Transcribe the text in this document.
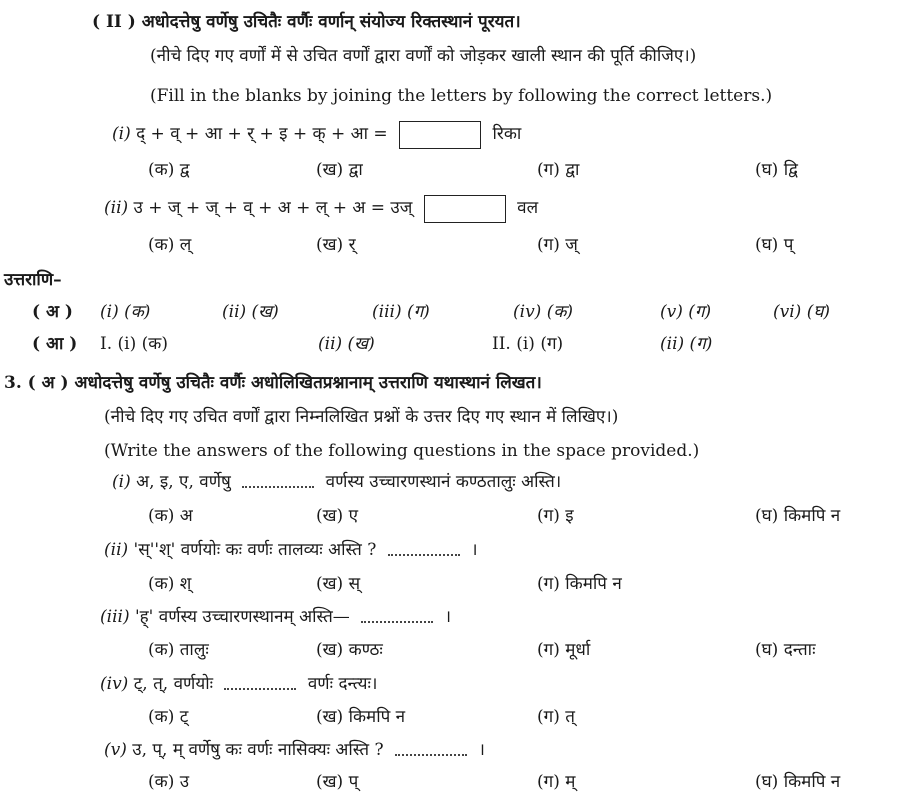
( II ) अधोदत्तेषु वर्णेषु उचितैः वर्णैः वर्णान् संयोज्य रिक्तस्थानं पूरयत।
(नीचे दिए गए वर्णों में से उचित वर्णों द्वारा वर्णों को जोड़कर खाली स्थान की पूर्ति कीजिए।)
(Fill in the blanks by joining the letters by following the correct letters.)
(i) द् + व् + आ + र् + इ + क् + आ =	रिका
(क) द्व	(ख) द्वा	(ग) द्वा	(घ) द्वि
(ii) उ + ज् + ज् + व् + अ + ल् + अ = उज्	वल
(क) ल्	(ख) र्	(ग) ज्	(घ) प्
उत्तराणि–
( अ ) (i) (क)	(ii) (ख)	(iii) (ग)	(iv) (क)	(v) (ग)	(vi) (घ)
( आ ) I. (i) (क)	(ii) (ख)	II. (i) (ग)	(ii) (ग)
3. ( अ ) अधोदत्तेषु वर्णेषु उचितैः वर्णैः अधोलिखितप्रश्नानाम् उत्तराणि यथास्थानं लिखत।
(नीचे दिए गए उचित वर्णों द्वारा निम्नलिखित प्रश्नों के उत्तर दिए गए स्थान में लिखिए।)
(Write the answers of the following questions in the space provided.)
(i) अ, इ, ए, वर्णेषु	वर्णस्य उच्चारणस्थानं कण्ठतालुः अस्ति।
(क) अ	(ख) ए	(ग) इ	(घ) किमपि न
(ii) 'स्''श्' वर्णयोः कः वर्णः तालव्यः अस्ति ?	।
(क) श्	(ख) स्	(ग) किमपि न
(iii) 'ह्' वर्णस्य उच्चारणस्थानम् अस्ति—	।
(क) तालुः	(ख) कण्ठः	(ग) मूर्धा	(घ) दन्ताः
(iv) ट्, त्, वर्णयोः	वर्णः दन्त्यः।
(क) ट्	(ख) किमपि न	(ग) त्
(v) उ, प्, म् वर्णेषु कः वर्णः नासिक्यः अस्ति ?	।
(क) उ	(ख) प्	(ग) म्	(घ) किमपि न
